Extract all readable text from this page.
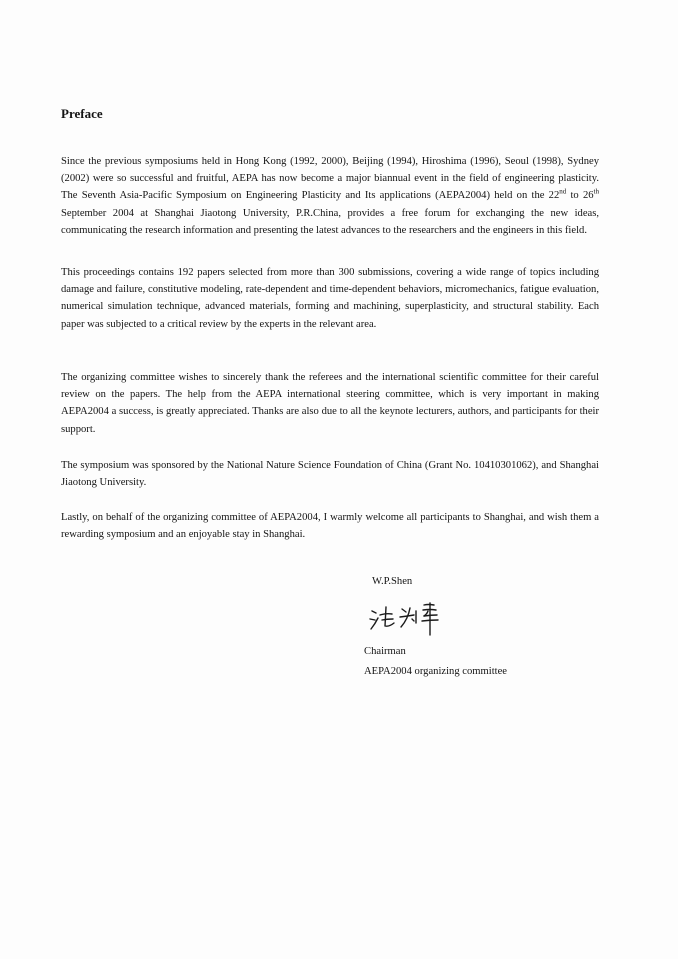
Preface

Since the previous symposiums held in Hong Kong (1992, 2000), Beijing (1994), Hiroshima (1996), Seoul (1998), Sydney (2002) were so successful and fruitful, AEPA has now become a major biannual event in the field of engineering plasticity. The Seventh Asia-Pacific Symposium on Engineering Plasticity and Its applications (AEPA2004) held on the 22nd to 26th September 2004 at Shanghai Jiaotong University, P.R.China, provides a free forum for exchanging the new ideas, communicating the research information and presenting the latest advances to the researchers and the engineers in this field.

This proceedings contains 192 papers selected from more than 300 submissions, covering a wide range of topics including damage and failure, constitutive modeling, rate-dependent and time-dependent behaviors, micromechanics, fatigue evaluation, numerical simulation technique, advanced materials, forming and machining, superplasticity, and structural stability. Each paper was subjected to a critical review by the experts in the relevant area.

The organizing committee wishes to sincerely thank the referees and the international scientific committee for their careful review on the papers. The help from the AEPA international steering committee, which is very important in making AEPA2004 a success, is greatly appreciated. Thanks are also due to all the keynote lecturers, authors, and participants for their support.

The symposium was sponsored by the National Nature Science Foundation of China (Grant No. 10410301062), and Shanghai Jiaotong University.

Lastly, on behalf of the organizing committee of AEPA2004, I warmly welcome all participants to Shanghai, and wish them a rewarding symposium and an enjoyable stay in Shanghai.

W.P.Shen

Chairman

AEPA2004 organizing committee
